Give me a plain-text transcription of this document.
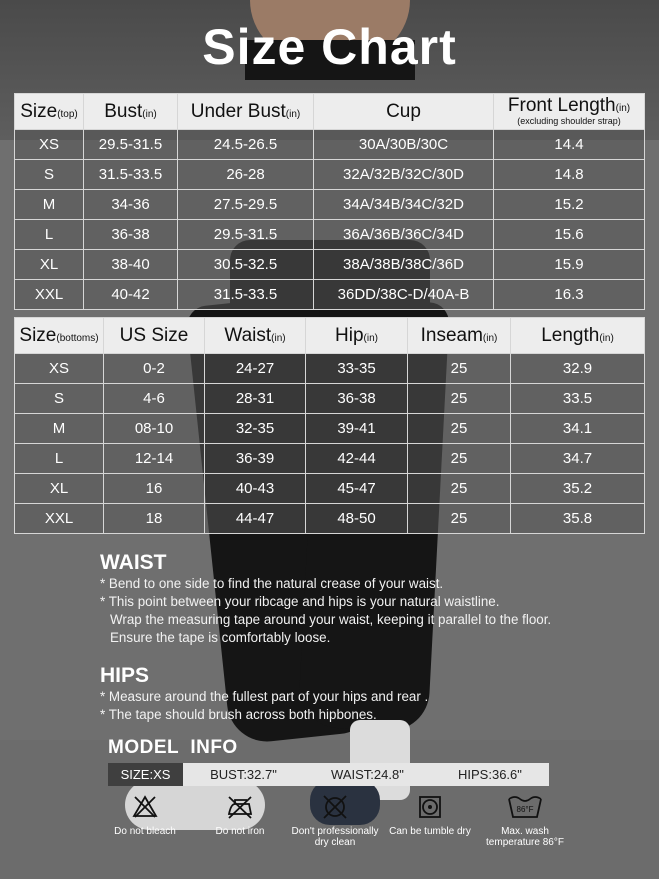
Size Chart
Size(top)	Bust(in)	Under Bust(in)	Cup	Front Length(in)
(excluding shoulder strap)

XS	29.5-31.5	24.5-26.5	30A/30B/30C	14.4
S	31.5-33.5	26-28	32A/32B/32C/30D	14.8
M	34-36	27.5-29.5	34A/34B/34C/32D	15.2
L	36-38	29.5-31.5	36A/36B/36C/34D	15.6
XL	38-40	30.5-32.5	38A/38B/38C/36D	15.9
XXL	40-42	31.5-33.5	36DD/38C-D/40A-B	16.3
Size(bottoms)	US Size	Waist(in)	Hip(in)	Inseam(in)	Length(in)
XS	0-2	24-27	33-35	25	32.9
S	4-6	28-31	36-38	25	33.5
M	08-10	32-35	39-41	25	34.1
L	12-14	36-39	42-44	25	34.7
XL	16	40-43	45-47	25	35.2
XXL	18	44-47	48-50	25	35.8
WAIST

* Bend to one side to find the natural crease of your waist.

* This point between your ribcage and hips is your natural waistline.

Wrap the measuring tape around your waist, keeping it parallel to the floor.

Ensure the tape is comfortably loose.

HIPS

* Measure around the fullest part of your hips and rear .

* The tape should brush across both hipbones.

MODEL  INFO
SIZE:XS	BUST:32.7"	WAIST:24.8"	HIPS:36.6"
Do not bleach	Do not iron	Don't professionally dry clean
Can be tumble dry
86°F
Max. wash temperature 86°F
